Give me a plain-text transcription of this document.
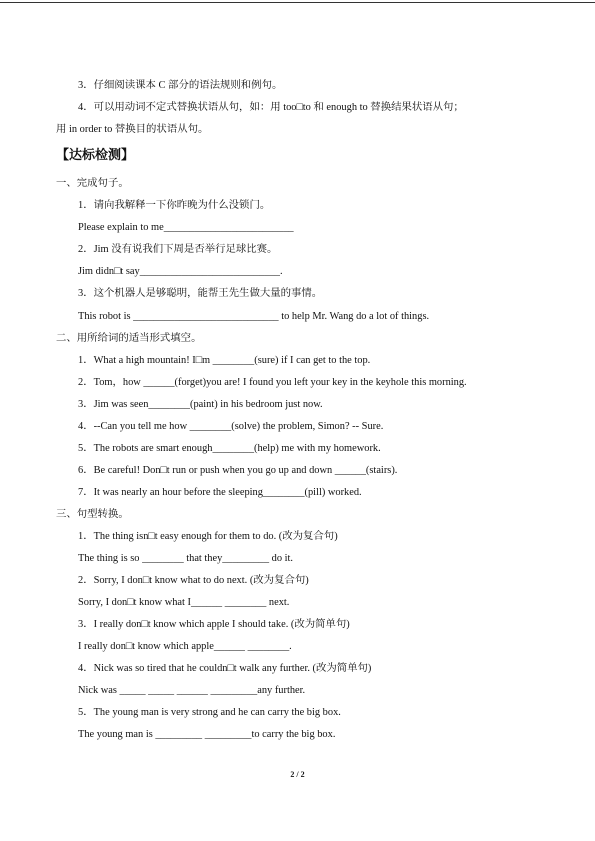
3．仔细阅读课本 C 部分的语法规则和例句。
4．可以用动词不定式替换状语从句，如：用 too□to 和 enough to 替换结果状语从句；
用 in order to 替换目的状语从句。
【达标检测】
一、完成句子。
1．请向我解释一下你昨晚为什么没锁门。
Please explain to me_________________________
2．Jim 没有说我们下周是否举行足球比赛。
Jim didn□t say___________________________.
3．这个机器人是够聪明，能帮王先生做大量的事情。
This robot is ____________________________ to help Mr. Wang do a lot of things.
二、用所给词的适当形式填空。
1．What a high mountain! I□m ________(sure) if I can get to the top.
2．Tom，how ______(forget)you are! I found you left your key in the keyhole this morning.
3．Jim was seen________(paint) in his bedroom just now.
4．--Can you tell me how ________(solve) the problem, Simon? -- Sure.
5．The robots are smart enough________(help) me with my homework.
6．Be careful! Don□t run or push when you go up and down ______(stairs).
7．It was nearly an hour before the sleeping________(pill) worked.
三、句型转换。
1．The thing isn□t easy enough for them to do. (改为复合句)
The thing is so ________ that they_________ do it.
2．Sorry, I don□t know what to do next. (改为复合句)
Sorry, I don□t know what I______ ________ next.
3．I really don□t know which apple I should take. (改为简单句)
I really don□t know which apple______ ________.
4．Nick was so tired that he couldn□t walk any further. (改为简单句)
Nick was _____ _____ ______ _________any further.
5．The young man is very strong and he can carry the big box.
The young man is _________ _________to carry the big box.
2 / 2
